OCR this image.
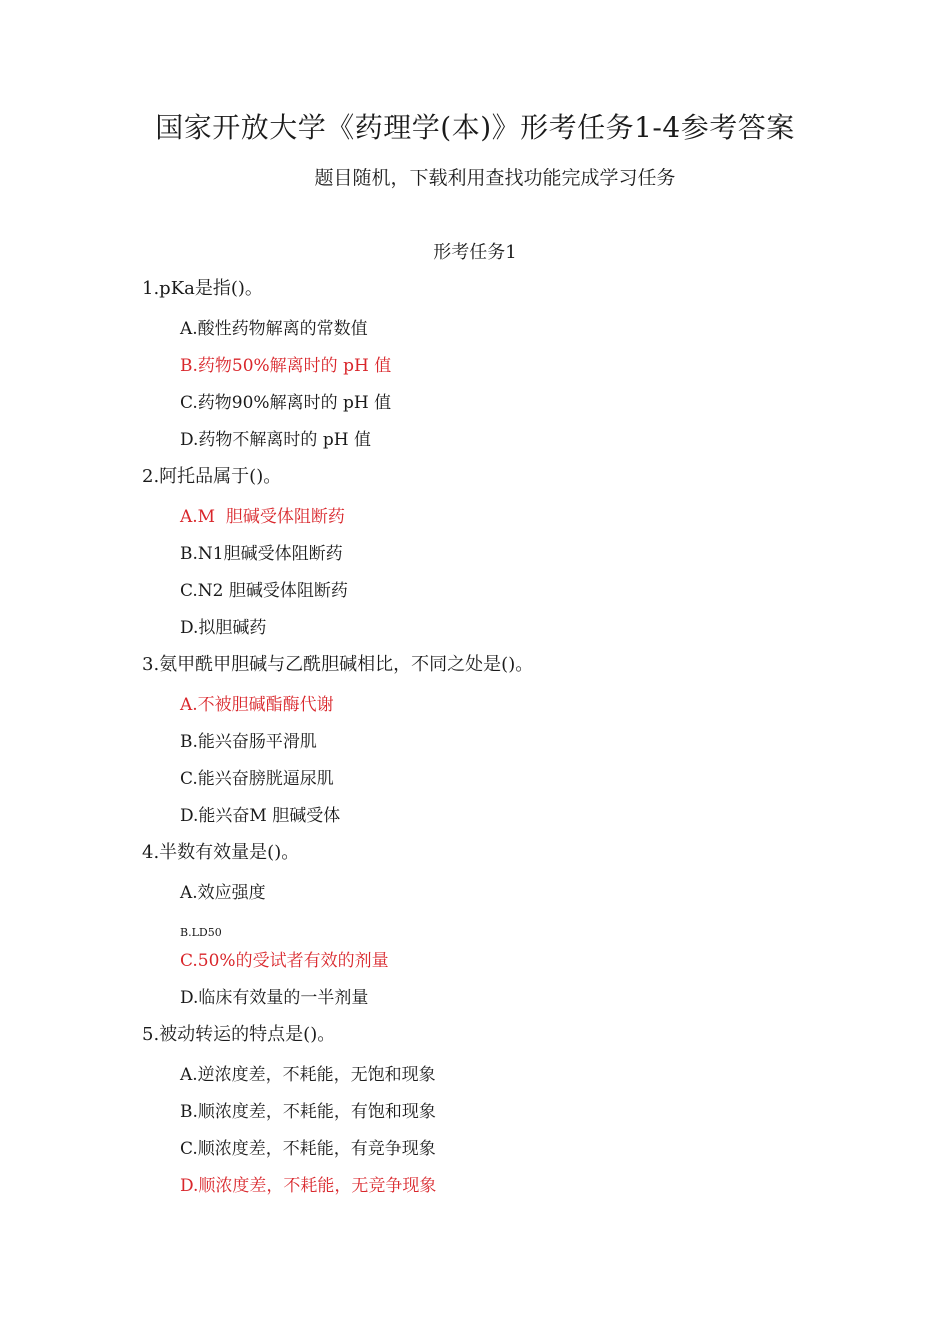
国家开放大学《药理学(本)》形考任务1-4参考答案
题目随机，下载利用查找功能完成学习任务
形考任务1
1.pKa是指()。
A.酸性药物解离的常数值
B.药物50%解离时的 pH 值
C.药物90%解离时的 pH 值
D.药物不解离时的 pH 值
2.阿托品属于()。
A.M  胆碱受体阻断药
B.N1胆碱受体阻断药
C.N2 胆碱受体阻断药
D.拟胆碱药
3.氨甲酰甲胆碱与乙酰胆碱相比，不同之处是()。
A.不被胆碱酯酶代谢
B.能兴奋肠平滑肌
C.能兴奋膀胱逼尿肌
D.能兴奋M 胆碱受体
4.半数有效量是()。
A.效应强度
B.LD50
C.50%的受试者有效的剂量
D.临床有效量的一半剂量
5.被动转运的特点是()。
A.逆浓度差，不耗能，无饱和现象
B.顺浓度差，不耗能，有饱和现象
C.顺浓度差，不耗能，有竞争现象
D.顺浓度差，不耗能，无竞争现象
